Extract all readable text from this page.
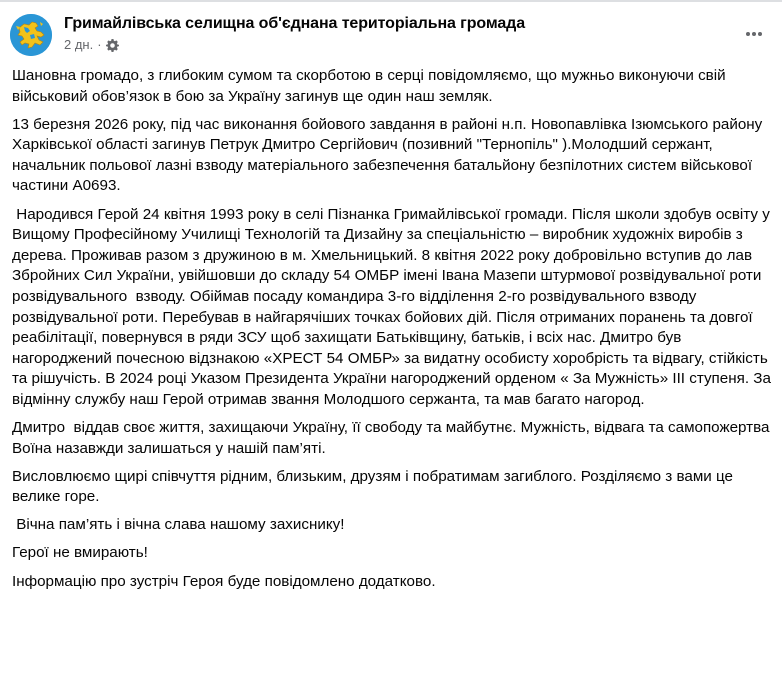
Гримайлівська селищна об'єднана територіальна громада
2 дн. ·

Шановна громадо, з глибоким сумом та скорботою в серці повідомляємо, що мужньо виконуючи свій військовий обов’язок в бою за Україну загинув ще один наш земляк.

13 березня 2026 року, під час виконання бойового завдання в районі н.п. Новопавлівка Ізюмського району Харківської області загинув Петрук Дмитро Сергійович (позивний "Тернопіль" ).Молодший сержант, начальник польової лазні взводу матеріального забезпечення батальйону безпілотних систем військової частини А0693.

Народився Герой 24 квітня 1993 року в селі Пізнанка Гримайлівської громади. Після школи здобув освіту у Вищому Професійному Училищі Технологій та Дизайну за спеціальністю – виробник художніх виробів з дерева. Проживав разом з дружиною в м. Хмельницький. 8 квітня 2022 року добровільно вступив до лав Збройних Сил України, увійшовши до складу 54 ОМБР імені Івана Мазепи штурмової розвідувальної роти розвідувального  взводу. Обіймав посаду командира 3-го відділення 2-го розвідувального взводу розвідувальної роти. Перебував в найгарячіших точках бойових дій. Після отриманих поранень та довгої реабілітації, повернувся в ряди ЗСУ щоб захищати Батьківщину, батьків, і всіх нас. Дмитро був нагороджений почесною відзнакою «ХРЕСТ 54 ОМБР» за видатну особисту хоробрість та відвагу, стійкість та рішучість. В 2024 році Указом Президента України нагороджений орденом « За Мужність» ІІІ ступеня. За відмінну службу наш Герой отримав звання Молодшого сержанта, та мав багато нагород.

Дмитро  віддав своє життя, захищаючи Україну, її свободу та майбутнє. Мужність, відвага та самопожертва Воїна назавжди залишаться у нашій пам’яті.

Висловлюємо щирі співчуття рідним, близьким, друзям і побратимам загиблого. Розділяємо з вами це велике горе.

Вічна пам’ять і вічна слава нашому захиснику!

Герої не вмирають!

Інформацію про зустріч Героя буде повідомлено додатково.
